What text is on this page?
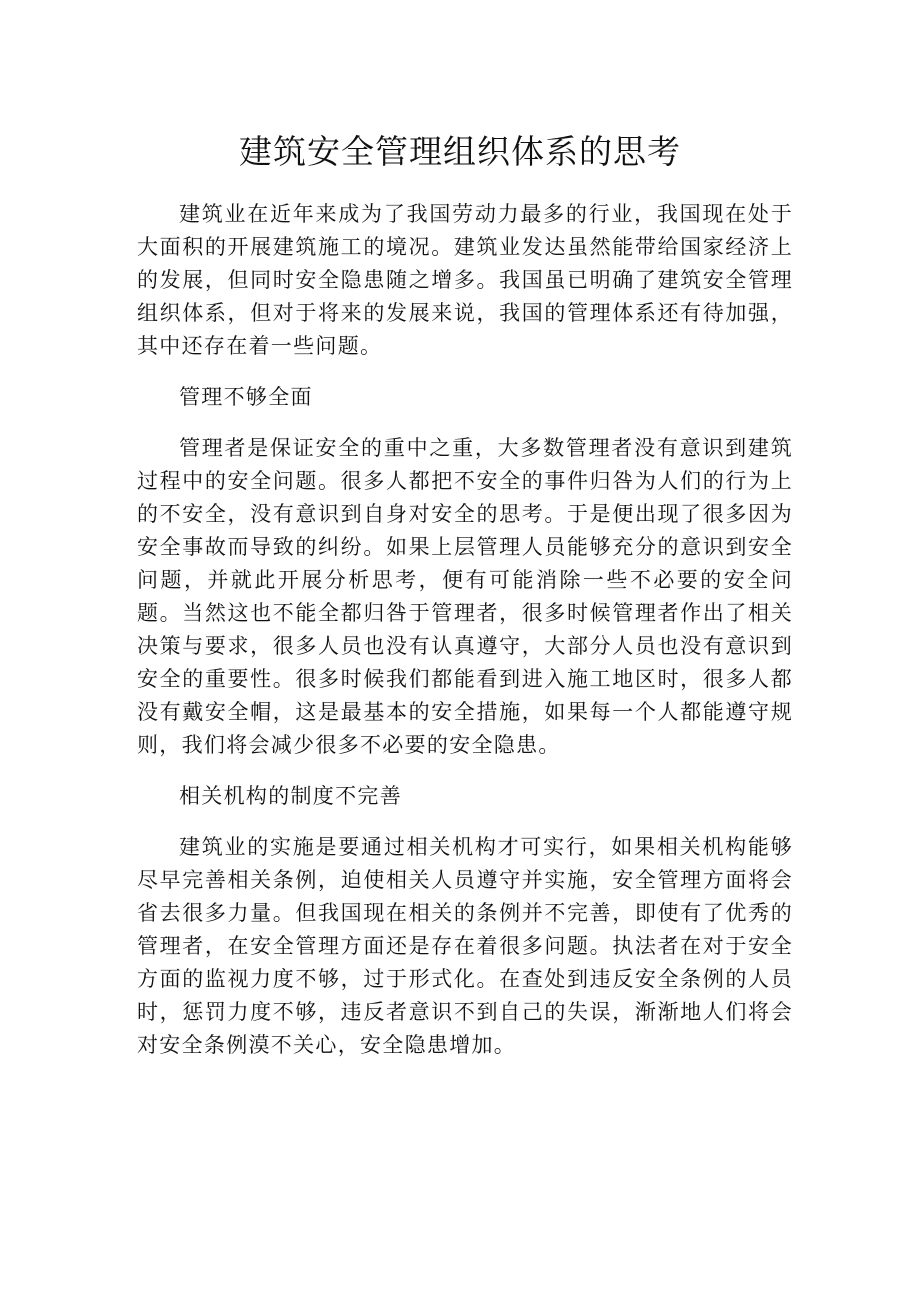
建筑安全管理组织体系的思考

建筑业在近年来成为了我国劳动力最多的行业，我国现在处于大面积的开展建筑施工的境况。建筑业发达虽然能带给国家经济上的发展，但同时安全隐患随之增多。我国虽已明确了建筑安全管理组织体系，但对于将来的发展来说，我国的管理体系还有待加强，其中还存在着一些问题。

管理不够全面

管理者是保证安全的重中之重，大多数管理者没有意识到建筑过程中的安全问题。很多人都把不安全的事件归咎为人们的行为上的不安全，没有意识到自身对安全的思考。于是便出现了很多因为安全事故而导致的纠纷。如果上层管理人员能够充分的意识到安全问题，并就此开展分析思考，便有可能消除一些不必要的安全问题。当然这也不能全都归咎于管理者，很多时候管理者作出了相关决策与要求，很多人员也没有认真遵守，大部分人员也没有意识到安全的重要性。很多时候我们都能看到进入施工地区时，很多人都没有戴安全帽，这是最基本的安全措施，如果每一个人都能遵守规则，我们将会减少很多不必要的安全隐患。

相关机构的制度不完善

建筑业的实施是要通过相关机构才可实行，如果相关机构能够尽早完善相关条例，迫使相关人员遵守并实施，安全管理方面将会省去很多力量。但我国现在相关的条例并不完善，即使有了优秀的管理者，在安全管理方面还是存在着很多问题。执法者在对于安全方面的监视力度不够，过于形式化。在查处到违反安全条例的人员时，惩罚力度不够，违反者意识不到自己的失误，渐渐地人们将会对安全条例漠不关心，安全隐患增加。
